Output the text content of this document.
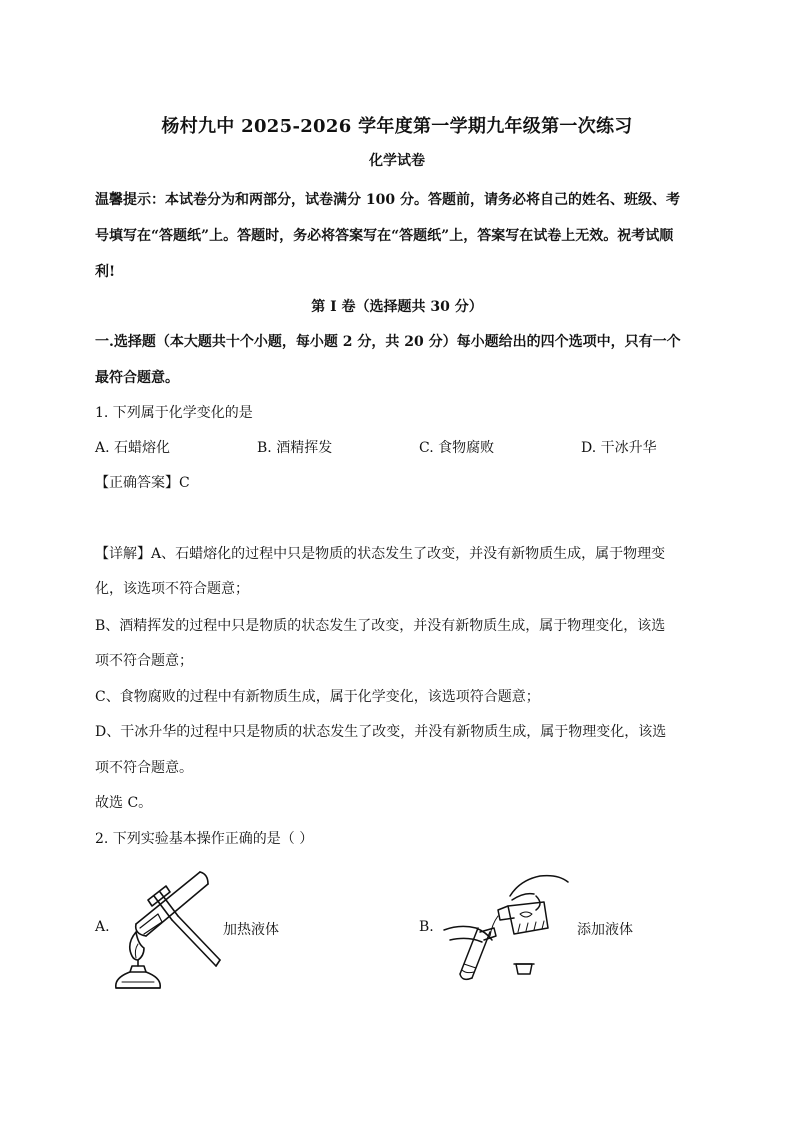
杨村九中 2025-2026 学年度第一学期九年级第一次练习
化学试卷
温馨提示：本试卷分为和两部分，试卷满分 100 分。答题前，请务必将自己的姓名、班级、考
号填写在“答题纸”上。答题时，务必将答案写在“答题纸”上，答案写在试卷上无效。祝考试顺
利!
第 I 卷（选择题共 30 分）
一.选择题（本大题共十个小题，每小题 2 分，共 20 分）每小题给出的四个选项中，只有一个
最符合题意。
1. 下列属于化学变化的是
A. 石蜡熔化	B. 酒精挥发	C. 食物腐败	D. 干冰升华
【正确答案】C
【详解】A、石蜡熔化的过程中只是物质的状态发生了改变，并没有新物质生成，属于物理变
化，该选项不符合题意；
B、酒精挥发的过程中只是物质的状态发生了改变，并没有新物质生成，属于物理变化，该选
项不符合题意；
C、食物腐败的过程中有新物质生成，属于化学变化，该选项符合题意；
D、干冰升华的过程中只是物质的状态发生了改变，并没有新物质生成，属于物理变化，该选
项不符合题意。
故选 C。
2. 下列实验基本操作正确的是（ ）
A.	加热液体	B.	添加液体
